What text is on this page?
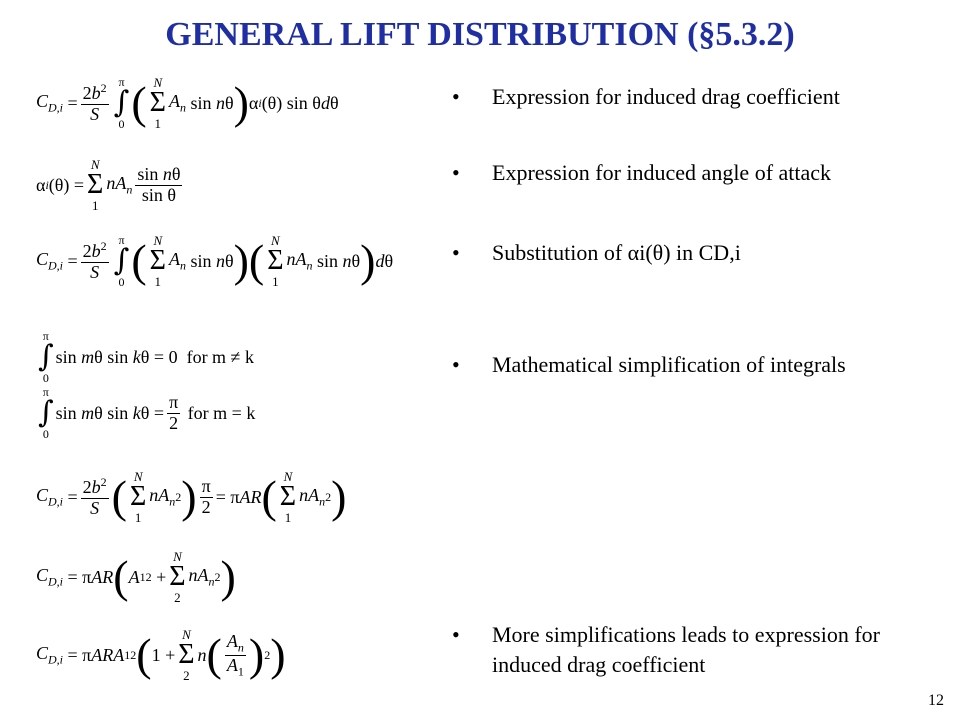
GENERAL LIFT DISTRIBUTION (§5.3.2)
$C_{D,i} = \frac{2b^2}{S}$ π
∫
0 ( N
Σ
1
$A_n$ sin n θ ) α i (θ) sin θ d θ
α i (θ) =
N
Σ
1
$nA_n \frac{\text{sin nθ}}{\text{sin θ}}$
$C_{D,i} = \frac{2b^2}{S}$ π
∫
0 ( N
Σ
1
$A_n$ sin n θ )( N
Σ
1
$nA_n$ sin n θ ) d θ
π
∫
0
sin m θ sin k θ = 0  for m ≠ k
π
∫
0
sin m θ sin k $\theta = \frac{\pi}{2}$ for m = k
$C_{D,i} = \frac{2b^2}{S}$ ( N
Σ
1
$nA_n$ 2 ) $\frac{\pi}{2} = \pi$ AR ( N
Σ
1
$nA_n$ 2 )
$C_{D,i} = \pi$ AR ( A 1 2 +
N
Σ
2
$nA_n$ 2 )
$C_{D,i} = \pi$ AR A 1 2 ( 1 +
N
Σ
2
n ( $\frac{A_n}{A_1}$ ) 2 )
•	Expression for induced drag coefficient
•	Expression for induced angle of attack
•	Substitution of αi(θ) in CD,i
•	Mathematical simplification of integrals
•	More simplifications leads to expression for induced drag coefficient
12
